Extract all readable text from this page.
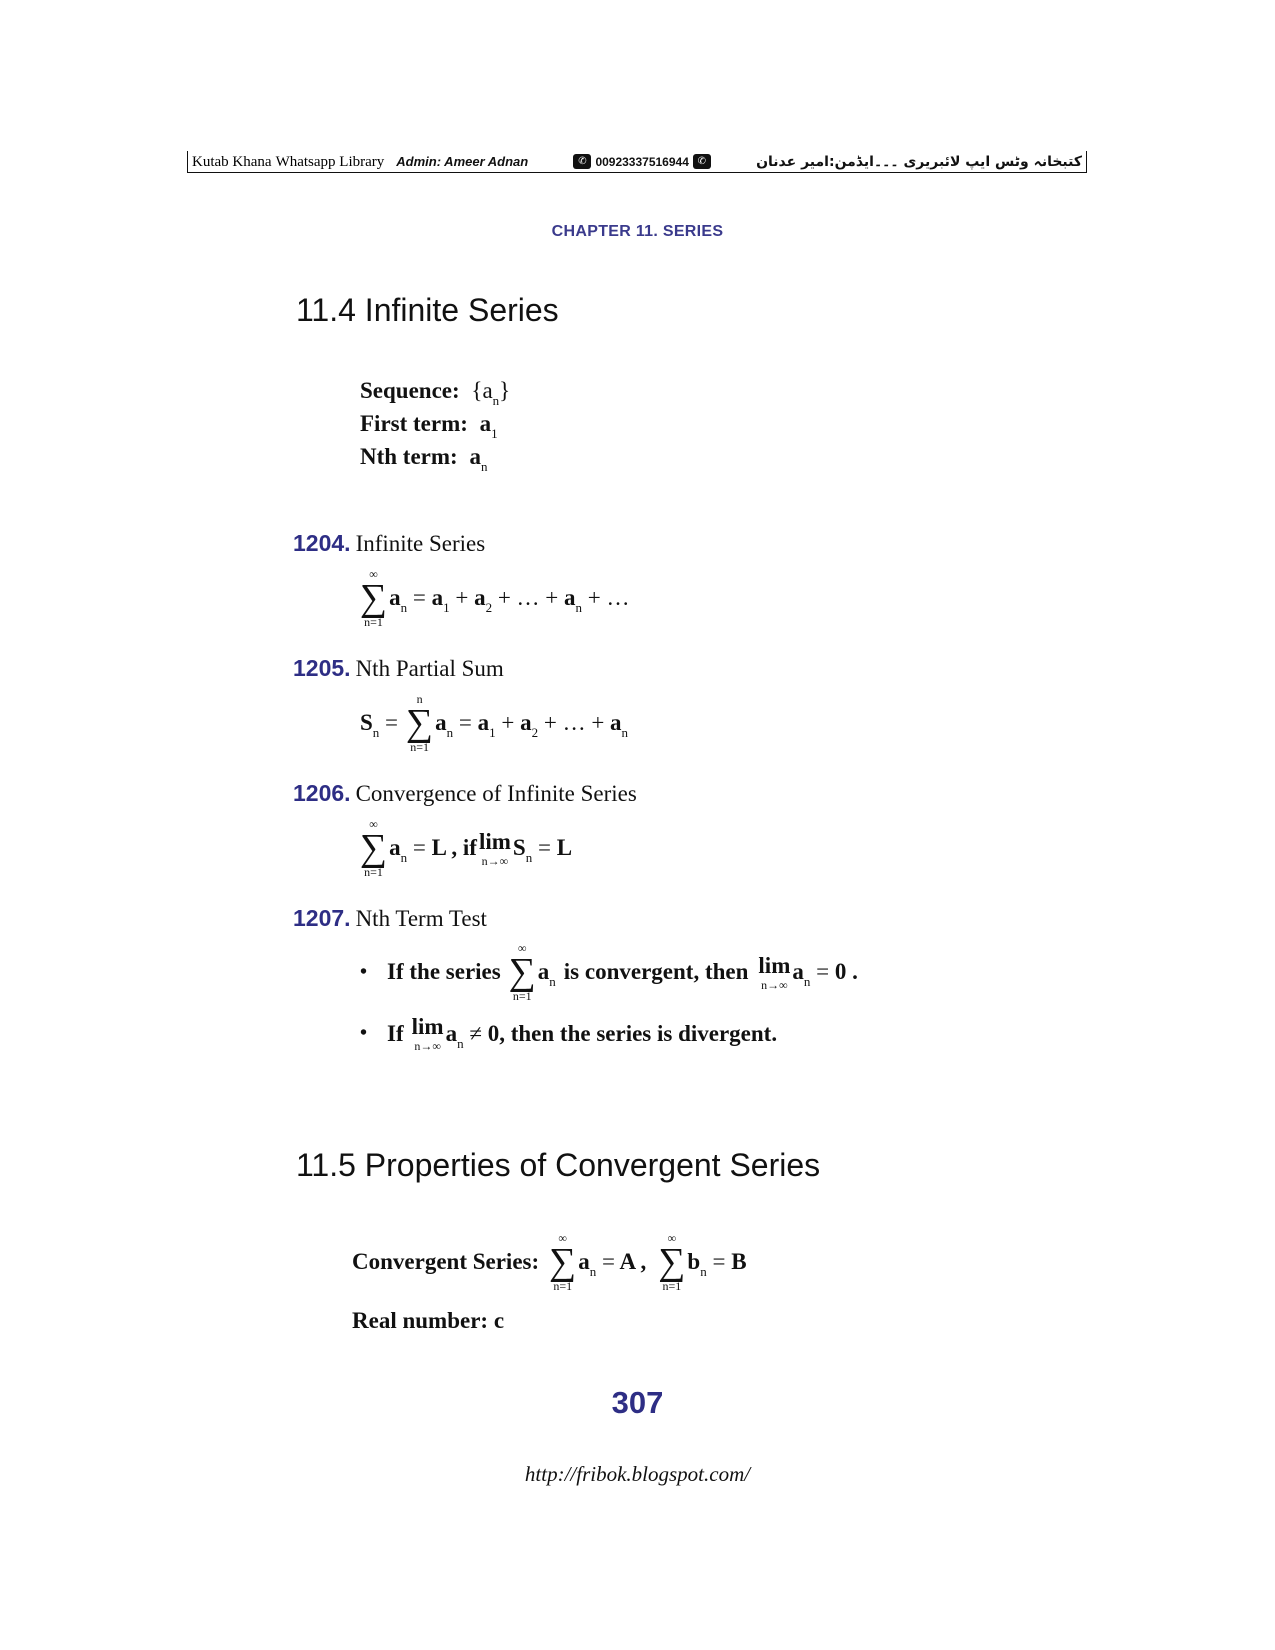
Kutab Khana Whatsapp Library Admin: Ameer Adnan	✆ 00923337516944 ✆	کتبخانہ وٹس ایپ لائبریری ۔۔۔ایڈمن:امیر عدنان
CHAPTER 11. SERIES
11.4 Infinite Series
Sequence: $\{a_n\}$
First term: $a_1$
Nth term: $a_n$
1204. Infinite Series
∞
∑
n=1
$a_n = a_1 + a_2$ + … + $a_n$ + …
1205. Nth Partial Sum
$S_n$ =
n
∑
n=1
$a_n = a_1 + a_2$ + … + $a_n$
1206. Convergence of Infinite Series
∞
∑
n=1
$a_n = L$ , if lim
n→∞
$S_n = L$
1207. Nth Term Test
• If the series
∞
∑
n=1
$a_n$ is convergent, then lim
n→∞
$a_n = 0$ .
• If lim
n→∞
$a_n \ne 0$ , then the series is divergent.
11.5 Properties of Convergent Series
Convergent Series:
∞
∑
n=1
$a_n = A$ ,
∞
∑
n=1
$b_n = B$
Real number: c
307
http://fribok.blogspot.com/
